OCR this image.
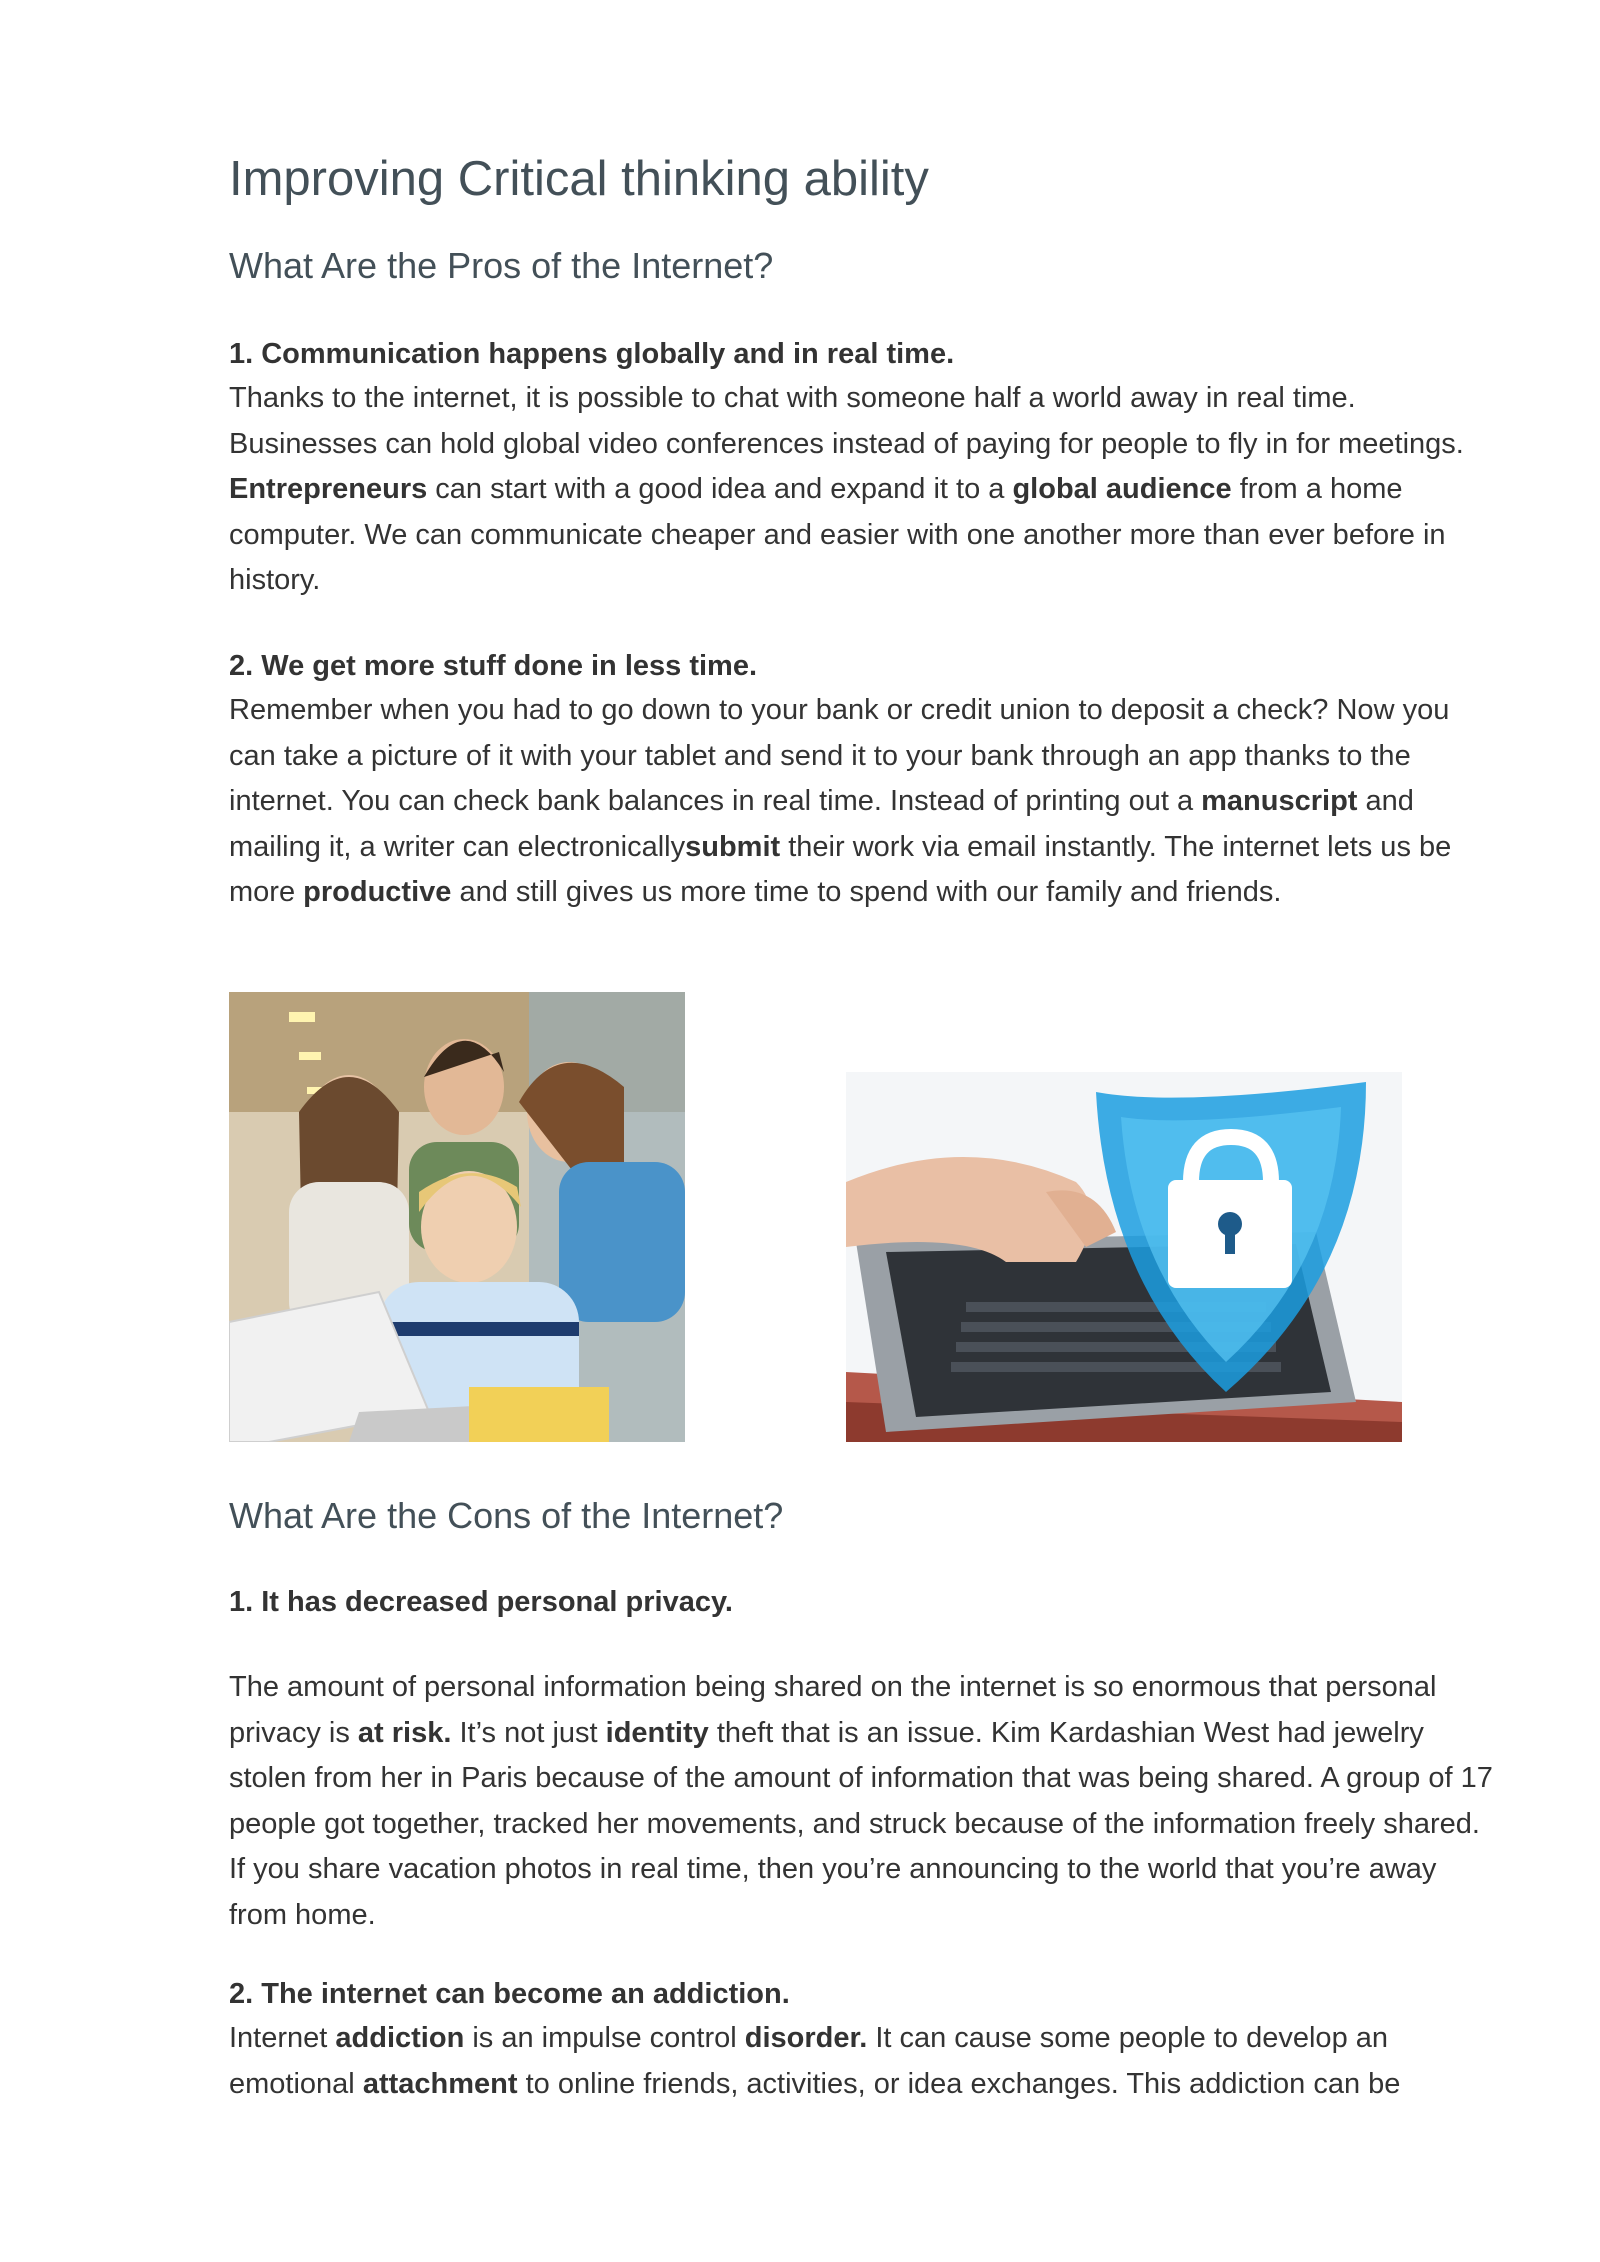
Improving Critical thinking ability
What Are the Pros of the Internet?
1. Communication happens globally and in real time.

Thanks to the internet, it is possible to chat with someone half a world away in real time. Businesses can hold global video conferences instead of paying for people to fly in for meetings. Entrepreneurs can start with a good idea and expand it to a global audience from a home computer. We can communicate cheaper and easier with one another more than ever before in history.

2. We get more stuff done in less time.

Remember when you had to go down to your bank or credit union to deposit a check? Now you can take a picture of it with your tablet and send it to your bank through an app thanks to the internet. You can check bank balances in real time. Instead of printing out a manuscript and mailing it, a writer can electronicallysubmit their work via email instantly. The internet lets us be more productive and still gives us more time to spend with our family and friends.

What Are the Cons of the Internet?
1. It has decreased personal privacy.

The amount of personal information being shared on the internet is so enormous that personal privacy is at risk. It’s not just identity theft that is an issue. Kim Kardashian West had jewelry stolen from her in Paris because of the amount of information that was being shared. A group of 17 people got together, tracked her movements, and struck because of the information freely shared. If you share vacation photos in real time, then you’re announcing to the world that you’re away from home.

2. The internet can become an addiction.

Internet addiction is an impulse control disorder. It can cause some people to develop an emotional attachment to online friends, activities, or idea exchanges. This addiction can be
